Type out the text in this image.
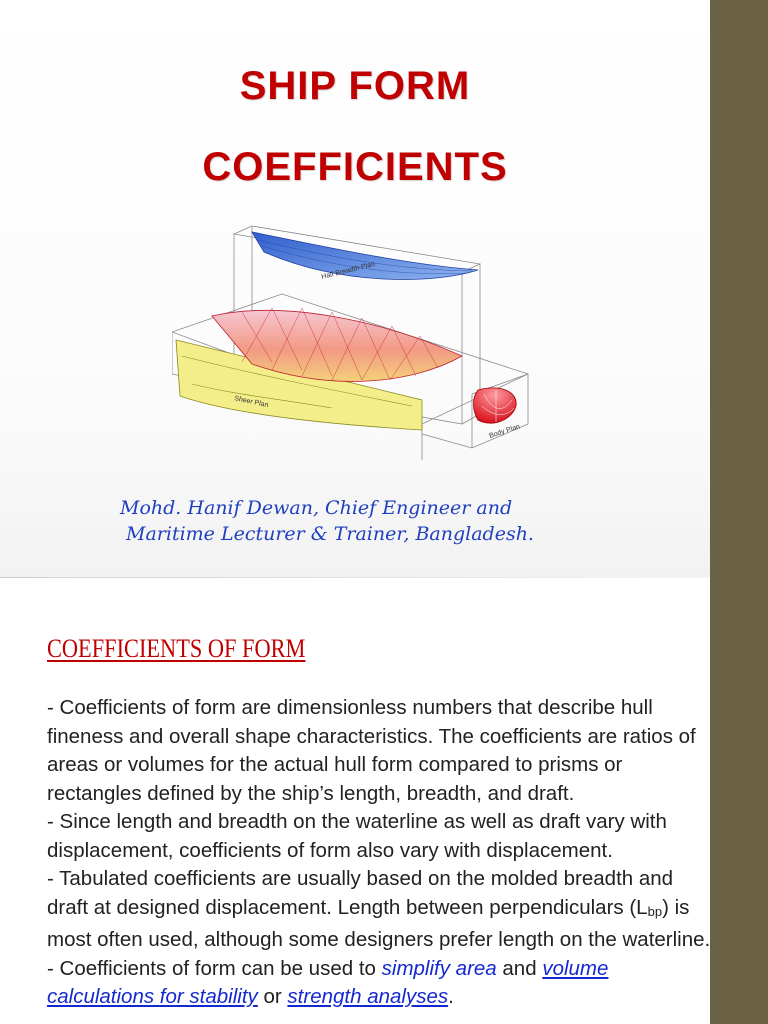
SHIP FORM
COEFFICIENTS
Half Breadth Plan
Sheer Plan
Body Plan
Mohd. Hanif Dewan, Chief Engineer and
Maritime Lecturer & Trainer, Bangladesh.
COEFFICIENTS OF FORM
- Coefficients of form are dimensionless numbers that describe hull fineness and overall shape characteristics. The coefficients are ratios of areas or volumes for the actual hull form compared to prisms or rectangles defined by the ship’s length, breadth, and draft.
- Since length and breadth on the waterline as well as draft vary with displacement, coefficients of form also vary with displacement.
- Tabulated coefficients are usually based on the molded breadth and draft at designed displacement. Length between perpendiculars $(L_{bp})$ is most often used, although some designers prefer length on the waterline.
- Coefficients of form can be used to simplify area and volume calculations for stability or strength analyses.
